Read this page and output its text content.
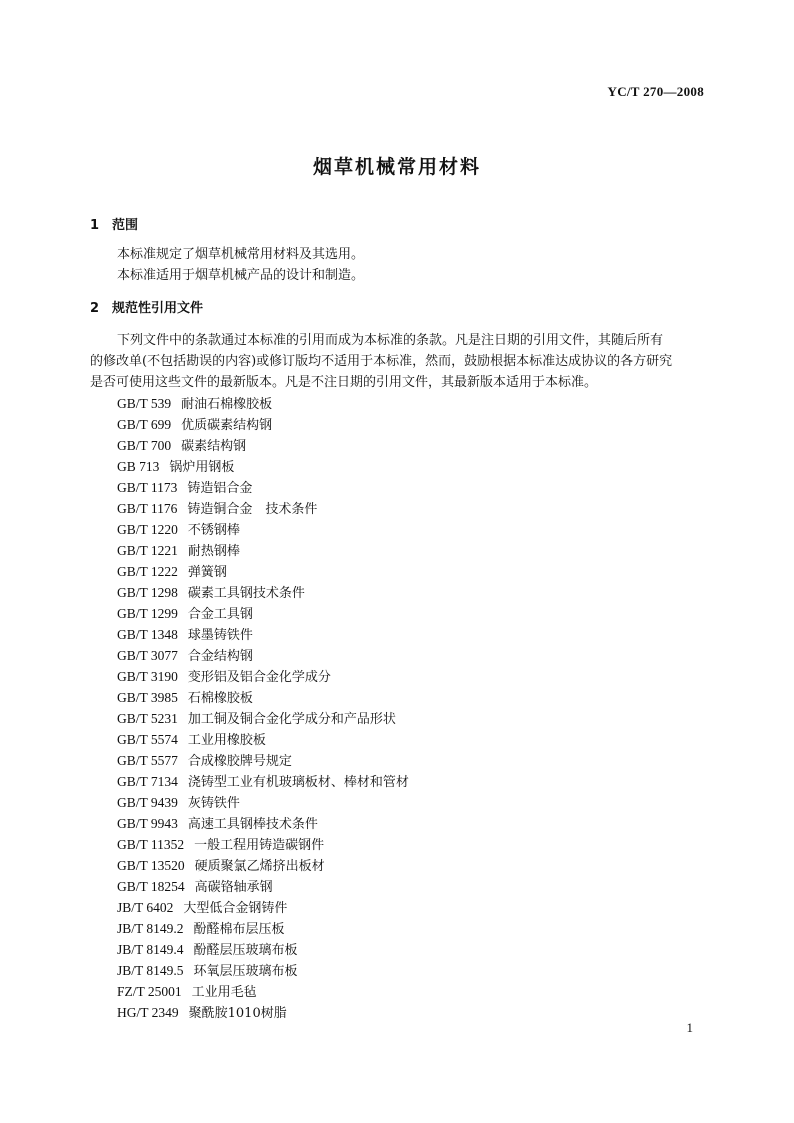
YC/T 270—2008
烟草机械常用材料
1 范围
本标准规定了烟草机械常用材料及其选用。
本标准适用于烟草机械产品的设计和制造。
2 规范性引用文件
下列文件中的条款通过本标准的引用而成为本标准的条款。凡是注日期的引用文件，其随后所有
的修改单(不包括勘误的内容)或修订版均不适用于本标准，然而，鼓励根据本标准达成协议的各方研究
是否可使用这些文件的最新版本。凡是不注日期的引用文件，其最新版本适用于本标准。
GB/T 539 耐油石棉橡胶板
GB/T 699 优质碳素结构钢
GB/T 700 碳素结构钢
GB 713 锅炉用钢板
GB/T 1173 铸造铝合金
GB/T 1176 铸造铜合金　技术条件
GB/T 1220 不锈钢棒
GB/T 1221 耐热钢棒
GB/T 1222 弹簧钢
GB/T 1298 碳素工具钢技术条件
GB/T 1299 合金工具钢
GB/T 1348 球墨铸铁件
GB/T 3077 合金结构钢
GB/T 3190 变形铝及铝合金化学成分
GB/T 3985 石棉橡胶板
GB/T 5231 加工铜及铜合金化学成分和产品形状
GB/T 5574 工业用橡胶板
GB/T 5577 合成橡胶牌号规定
GB/T 7134 浇铸型工业有机玻璃板材、棒材和管材
GB/T 9439 灰铸铁件
GB/T 9943 高速工具钢棒技术条件
GB/T 11352 一般工程用铸造碳钢件
GB/T 13520 硬质聚氯乙烯挤出板材
GB/T 18254 高碳铬轴承钢
JB/T 6402 大型低合金钢铸件
JB/T 8149.2 酚醛棉布层压板
JB/T 8149.4 酚醛层压玻璃布板
JB/T 8149.5 环氧层压玻璃布板
FZ/T 25001 工业用毛毡
HG/T 2349 聚酰胺1010树脂
1
